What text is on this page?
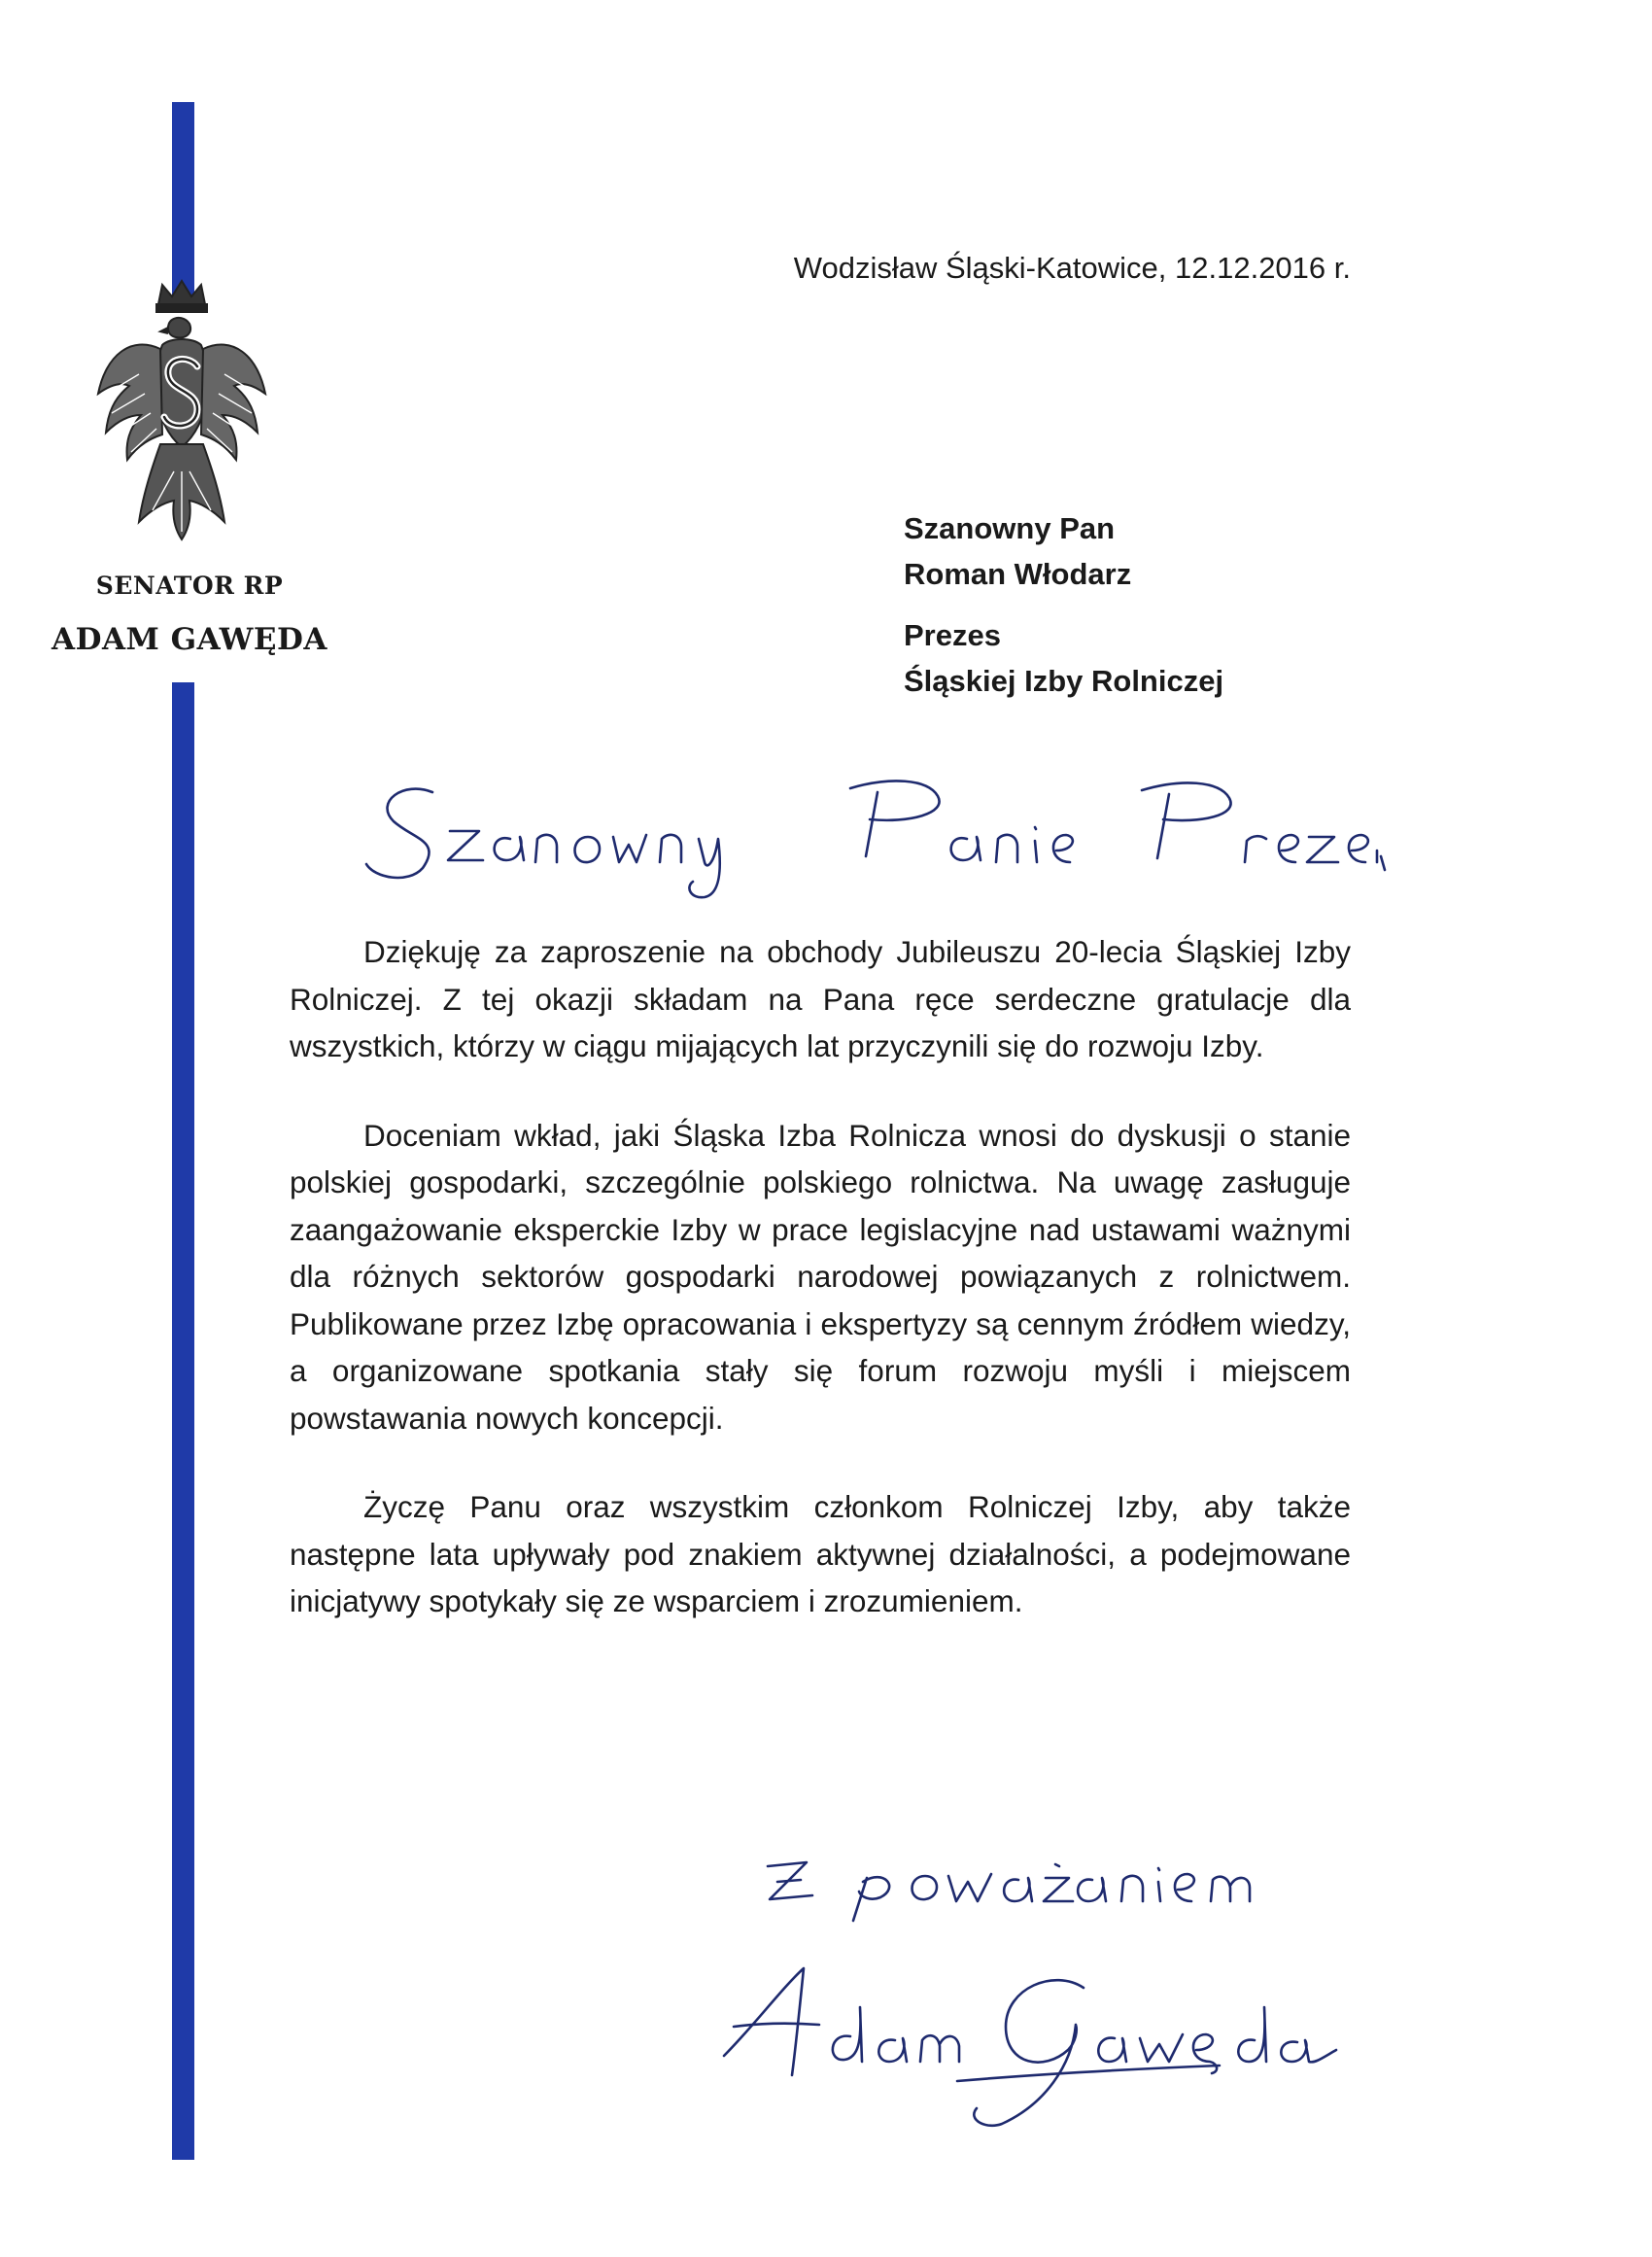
SENATOR RP
ADAM GAWĘDA
Wodzisław Śląski-Katowice, 12.12.2016 r.
Szanowny Pan
Roman Włodarz
Prezes
Śląskiej Izby Rolniczej

Dziękuję za zaproszenie na obchody Jubileuszu 20-lecia Śląskiej Izby Rolniczej. Z tej okazji składam na Pana ręce serdeczne gratulacje dla wszystkich, którzy w ciągu mijających lat przyczynili się do rozwoju Izby.

Doceniam wkład, jaki Śląska Izba Rolnicza wnosi do dyskusji o stanie polskiej gospodarki, szczególnie polskiego rolnictwa. Na uwagę zasługuje zaangażowanie eksperckie Izby w prace legislacyjne nad ustawami ważnymi dla różnych sektorów gospodarki narodowej powiązanych z rolnictwem. Publikowane przez Izbę opracowania i ekspertyzy są cennym źródłem wiedzy, a organizowane spotkania stały się forum rozwoju myśli i miejscem powstawania nowych koncepcji.

Życzę Panu oraz wszystkim członkom Rolniczej Izby, aby także następne lata upływały pod znakiem aktywnej działalności, a podejmowane inicjatywy spotykały się ze wsparciem i zrozumieniem.
